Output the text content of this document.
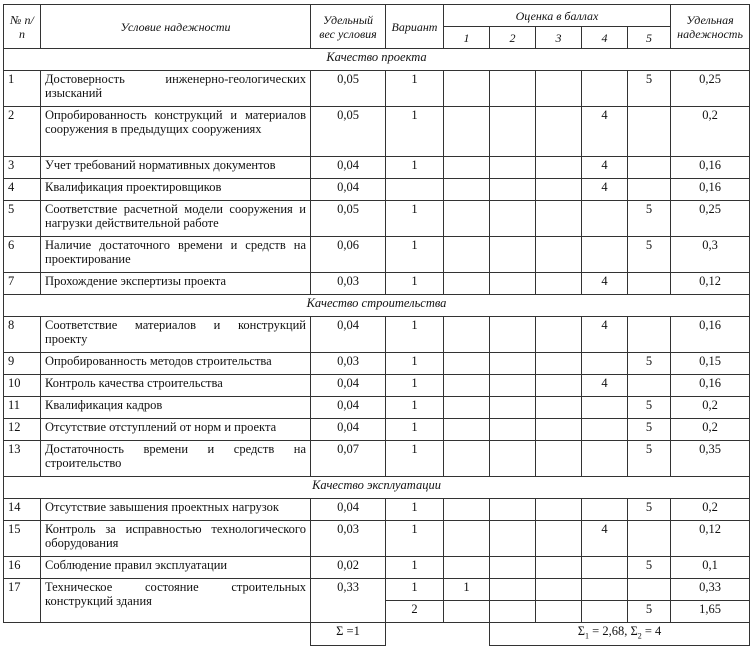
№ п/п	Условие надежности	Удельный вес условия	Вариант	Оценка в баллах					Удельная надежность
				1	2	3	4	5	
Качество проекта									
1	Достоверность инженерно-геологических изысканий	0,05	1					5	0,25
2	Опробированность конструкций и материалов сооружения в предыдущих сооружениях	0,05	1				4		0,2
3	Учет требований нормативных документов	0,04	1				4		0,16
4	Квалификация проектировщиков	0,04					4		0,16
5	Соответствие расчетной модели сооружения и нагрузки действительной работе	0,05	1					5	0,25
6	Наличие достаточного времени и средств на проектирование	0,06	1					5	0,3
7	Прохождение экспертизы проекта	0,03	1				4		0,12
Качество строительства									
8	Соответствие материалов и конструкций проекту	0,04	1				4		0,16
9	Опробированность методов строительства	0,03	1					5	0,15
10	Контроль качества строительства	0,04	1				4		0,16
11	Квалификация кадров	0,04	1					5	0,2
12	Отсутствие отступлений от норм и проекта	0,04	1					5	0,2
13	Достаточность времени и средств на строительство	0,07	1					5	0,35
Качество эксплуатации									
14	Отсутствие завышения проектных нагрузок	0,04	1					5	0,2
15	Контроль за исправностью технологического оборудования	0,03	1				4		0,12
16	Соблюдение правил эксплуатации	0,02	1					5	0,1
17	Техническое состояние строительных конструкций здания	0,33	1	1					0,33
			2					5	1,65
		Σ =1			$\Sigma_1 = 2,68$, $\Sigma_2 = 4$				
